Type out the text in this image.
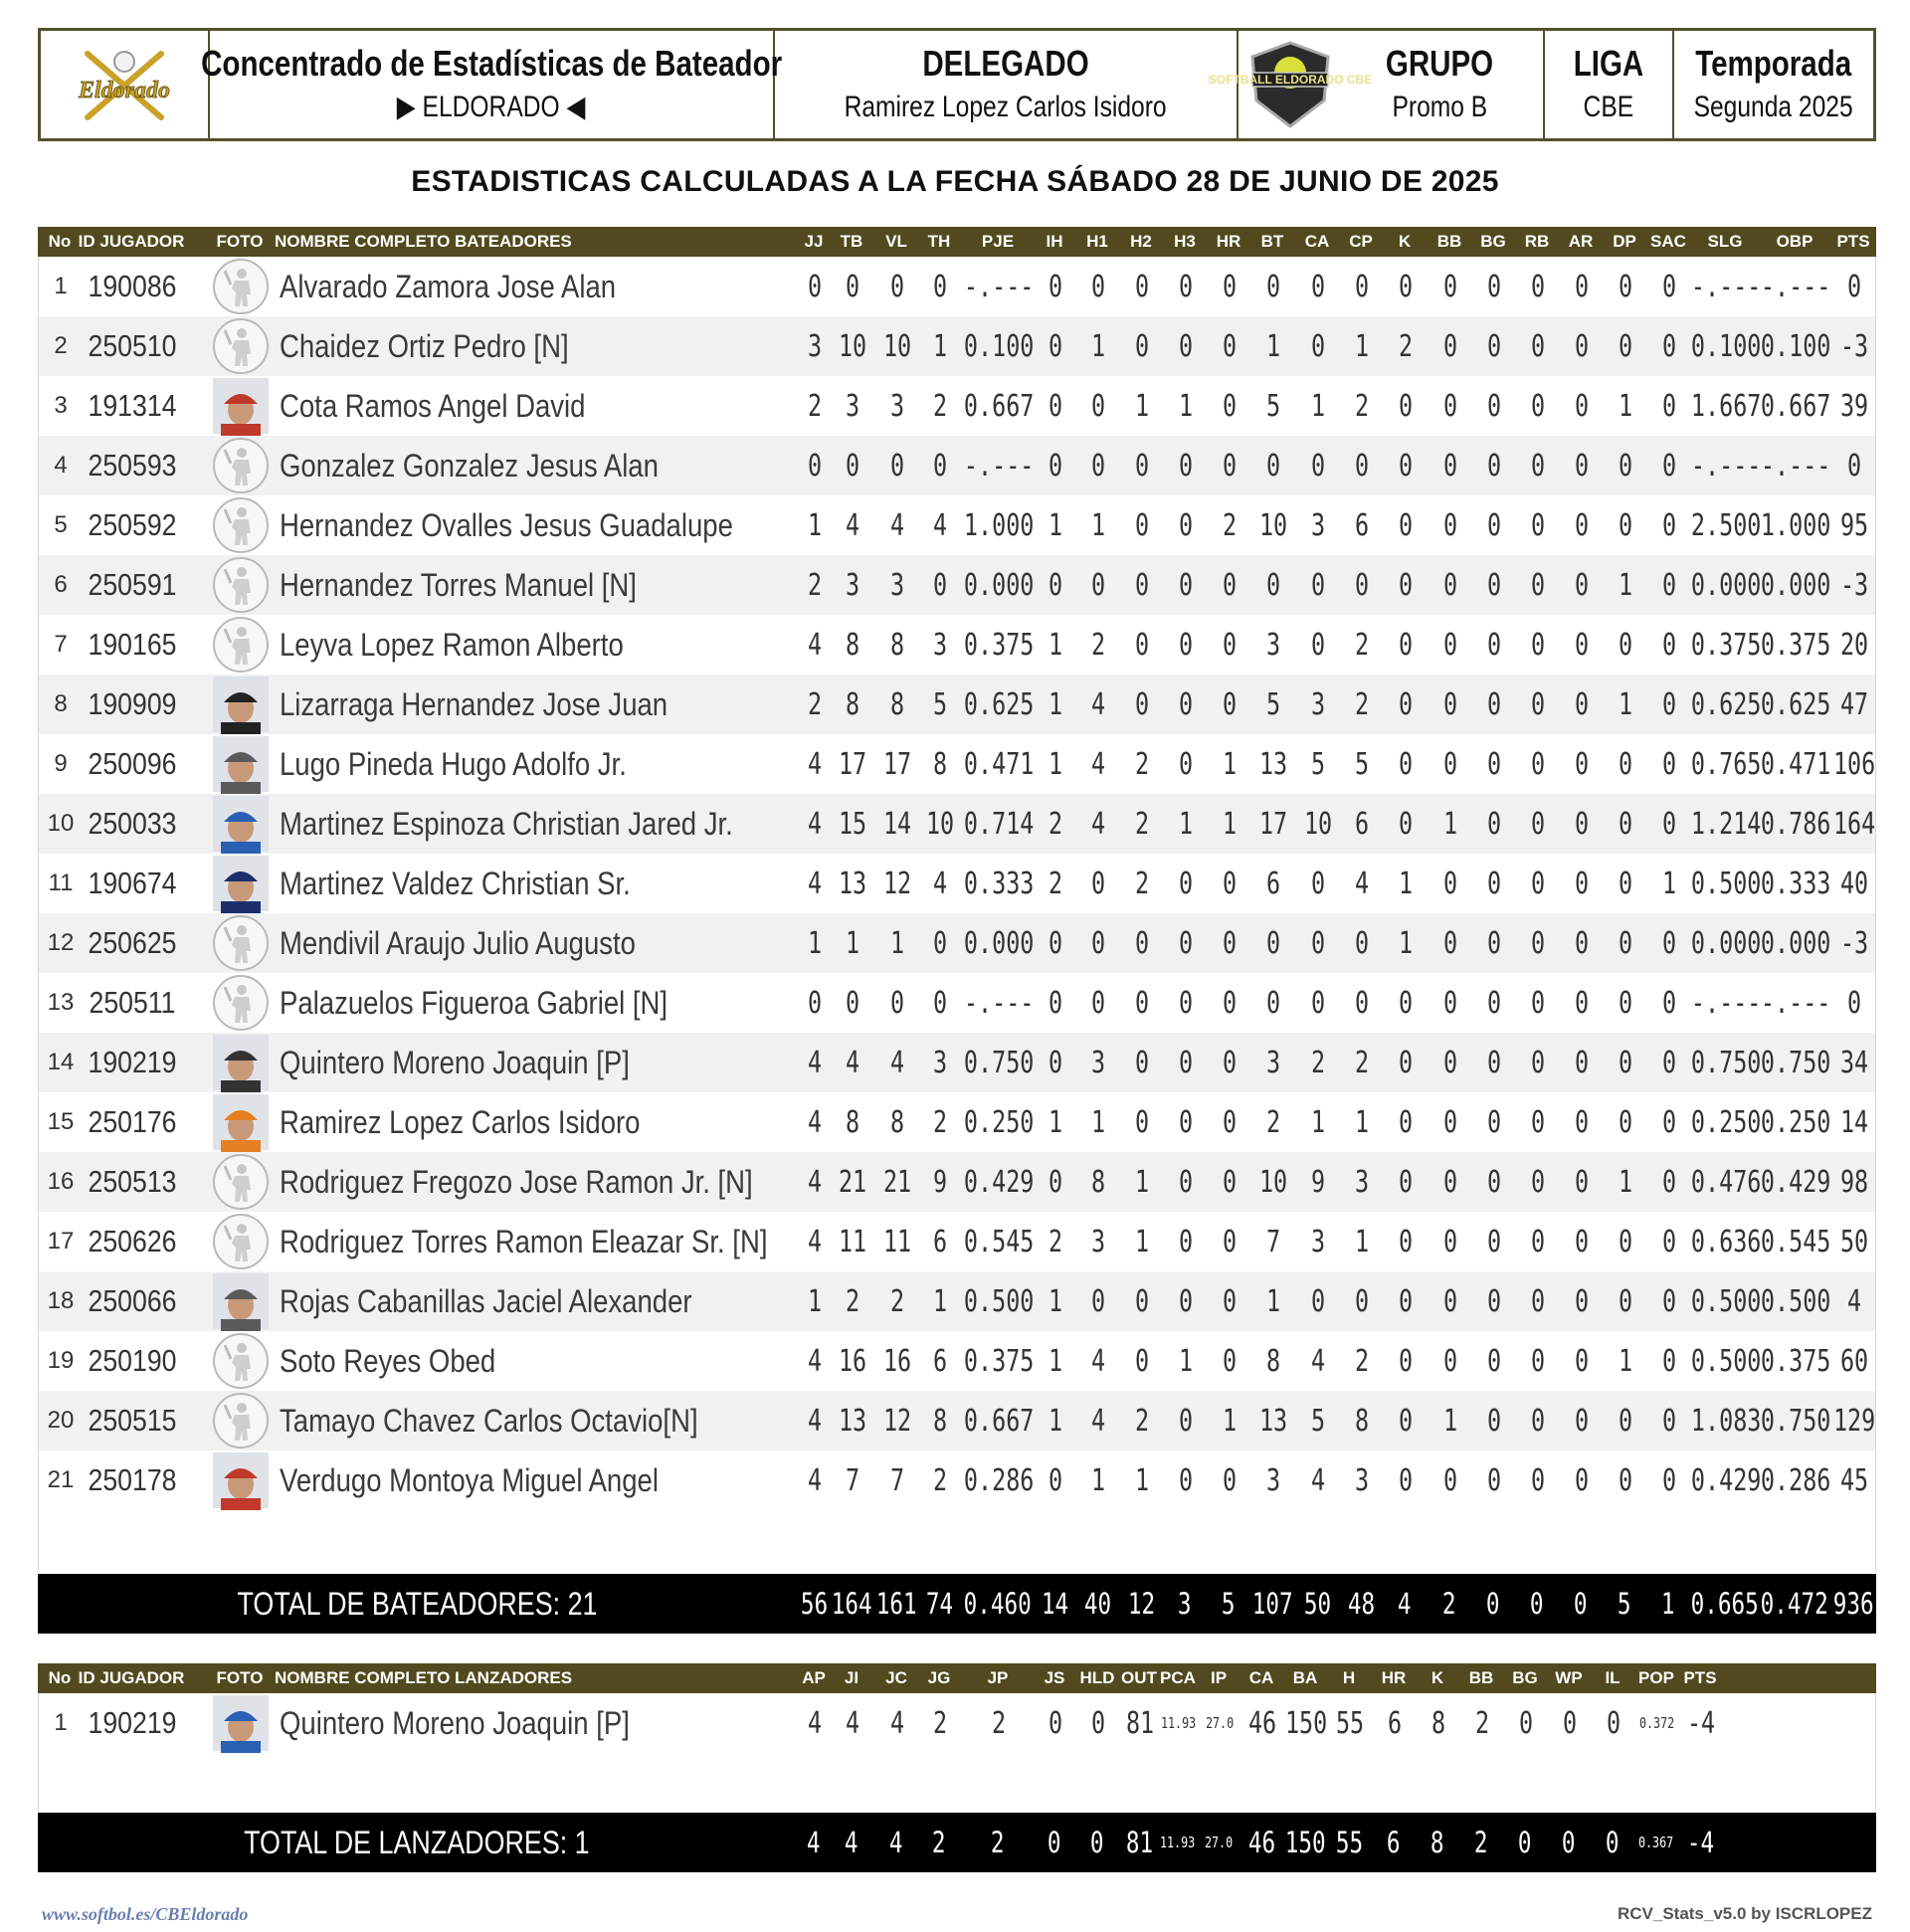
Eldorado
Concentrado de Estadísticas de Bateador
▶ ELDORADO ◀
DELEGADO
Ramirez Lopez Carlos Isidoro
SOFTBALL ELDORADO CBE GRUPO
Promo B
LIGA
CBE
Temporada
Segunda 2025
ESTADISTICAS CALCULADAS A LA FECHA SÁBADO 28 DE JUNIO DE 2025
No ID JUGADOR	FOTO NOMBRE COMPLETO BATEADORES	JJ	TB	VL	TH	PJE	IH	H1	H2	H3	HR	BT	CA	CP	K	BB	BG	RB	AR	DP SAC	SLG	OBP	PTS
1 190086	Alvarado Zamora Jose Alan	0 0 0 0 -.--- 0 0 0 0 0 0 0 0 0 0 0 0 0 0 0 -.--- -.--- 0
2 250510	Chaidez Ortiz Pedro [N]	3 10 10 1 0.100 0 1 0 0 0 1 0 1 2 0 0 0 0 0 0 0.100 0.100 -3
3 191314	Cota Ramos Angel David	2 3 3 2 0.667 0 0 1 1 0 5 1 2 0 0 0 0 0 1 0 1.667 0.667 39
4 250593	Gonzalez Gonzalez Jesus Alan	0 0 0 0 -.--- 0 0 0 0 0 0 0 0 0 0 0 0 0 0 0 -.--- -.--- 0
5 250592	Hernandez Ovalles Jesus Guadalupe	1 4 4 4 1.000 1 1 0 0 2 10 3 6 0 0 0 0 0 0 0 2.500 1.000 95
6 250591	Hernandez Torres Manuel [N]	2 3 3 0 0.000 0 0 0 0 0 0 0 0 0 0 0 0 0 1 0 0.000 0.000 -3
7 190165	Leyva Lopez Ramon Alberto	4 8 8 3 0.375 1 2 0 0 0 3 0 2 0 0 0 0 0 0 0 0.375 0.375 20
8 190909	Lizarraga Hernandez Jose Juan	2 8 8 5 0.625 1 4 0 0 0 5 3 2 0 0 0 0 0 1 0 0.625 0.625 47
9 250096	Lugo Pineda Hugo Adolfo Jr.	4 17 17 8 0.471 1 4 2 0 1 13 5 5 0 0 0 0 0 0 0 0.765 0.471 106
10 250033	Martinez Espinoza Christian Jared Jr.	4 15 14 10 0.714 2 4 2 1 1 17 10 6 0 1 0 0 0 0 0 1.214 0.786 164
11 190674	Martinez Valdez Christian Sr.	4 13 12 4 0.333 2 0 2 0 0 6 0 4 1 0 0 0 0 0 1 0.500 0.333 40
12 250625	Mendivil Araujo Julio Augusto	1 1 1 0 0.000 0 0 0 0 0 0 0 0 1 0 0 0 0 0 0 0.000 0.000 -3
13 250511	Palazuelos Figueroa Gabriel [N]	0 0 0 0 -.--- 0 0 0 0 0 0 0 0 0 0 0 0 0 0 0 -.--- -.--- 0
14 190219	Quintero Moreno Joaquin [P]	4 4 4 3 0.750 0 3 0 0 0 3 2 2 0 0 0 0 0 0 0 0.750 0.750 34
15 250176	Ramirez Lopez Carlos Isidoro	4 8 8 2 0.250 1 1 0 0 0 2 1 1 0 0 0 0 0 0 0 0.250 0.250 14
16 250513	Rodriguez Fregozo Jose Ramon Jr. [N] 4 21 21 9 0.429 0 8 1 0 0 10 9 3 0 0 0 0 0 1 0 0.476 0.429 98
17 250626	Rodriguez Torres Ramon Eleazar Sr. [N] 4 11 11 6 0.545 2 3 1 0 0 7 3 1 0 0 0 0 0 0 0 0.636 0.545 50
18 250066	Rojas Cabanillas Jaciel Alexander	1 2 2 1 0.500 1 0 0 0 0 1 0 0 0 0 0 0 0 0 0 0.500 0.500 4
19 250190	Soto Reyes Obed	4 16 16 6 0.375 1 4 0 1 0 8 4 2 0 0 0 0 0 1 0 0.500 0.375 60
20 250515	Tamayo Chavez Carlos Octavio[N]	4 13 12 8 0.667 1 4 2 0 1 13 5 8 0 1 0 0 0 0 0 1.083 0.750 129
21 250178	Verdugo Montoya Miguel Angel	4 7 7 2 0.286 0 1 1 0 0 3 4 3 0 0 0 0 0 0 0 0.429 0.286 45
TOTAL DE BATEADORES: 21	56 164 161 74 0.460 14 40 12 3 5 107 50 48 4 2 0 0 0 5 1 0.665 0.472 936
No ID JUGADOR	FOTO NOMBRE COMPLETO LANZADORES	AP	JI	JC	JG	JP	JS HLD OUT PCA IP	CA	BA	H	HR	K	BB	BG	WP	IL	POP PTS
1 190219	Quintero Moreno Joaquin [P]	4 4 4 2 2 0 0 81 11.93 27.0 46 150 55 6 8 2 0 0 0 0.372 -4
TOTAL DE LANZADORES: 1	4 4 4 2 2 0 0 81 11.93 27.0 46 150 55 6 8 2 0 0 0 0.367 -4
www.softbol.es/CBEldorado	RCV_Stats_v5.0 by ISCRLOPEZ
